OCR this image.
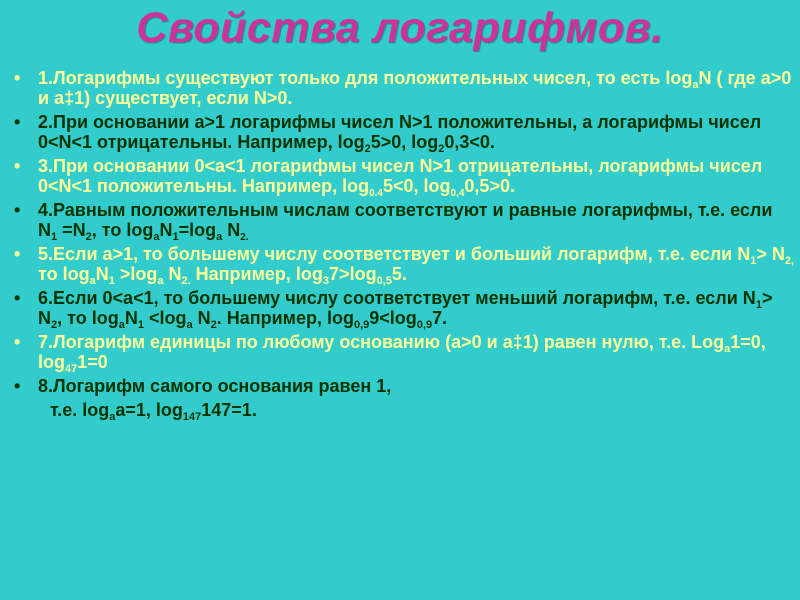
Свойства логарифмов.
• 1.Логарифмы существуют только для положительных чисел, то есть $\log_aN$ ( где a>0 и a‡1) существует, если N>0.
• 2.При основании a>1 логарифмы чисел N>1 положительны, а логарифмы чисел 0<N<1 отрицательны. Например, $\log_25>0$, $\log_20,3<0$.
• 3.При основании 0<a<1 логарифмы чисел N>1 отрицательны, логарифмы чисел 0<N<1 положительны. Например, $\log_{0.4}5<0$, $\log_{0,4}0,5>0$.
• 4.Равным положительным числам соответствуют и равные логарифмы, т.е. если $N_1 =N_2$, то $\log_aN_1=\log_a$ $N_{2.}$
• 5.Если a>1, то большему числу соответствует и больший логарифм, т.е. если $N_1> N_{2,}$ то $\log_aN_1 >\log_a$ $N_{2.}$ Например, $\log_37>\log_{0,5}5$.
• 6.Если 0<a<1, то большему числу соответствует меньший логарифм, т.е. если $N_1> N_2$, то $\log_aN_1 <\log_a$ $N_2$. Например, $\log_{0,9}9<\log_{0,9}7$.
• 7.Логарифм единицы по любому основанию (a>0 и a‡1) равен нулю, т.е. Log$_a$1=0, $\log_{47}1=0$
• 8.Логарифм самого основания равен 1,
т.е. $\log_aa=1$, $\log_{147}147=1$.
